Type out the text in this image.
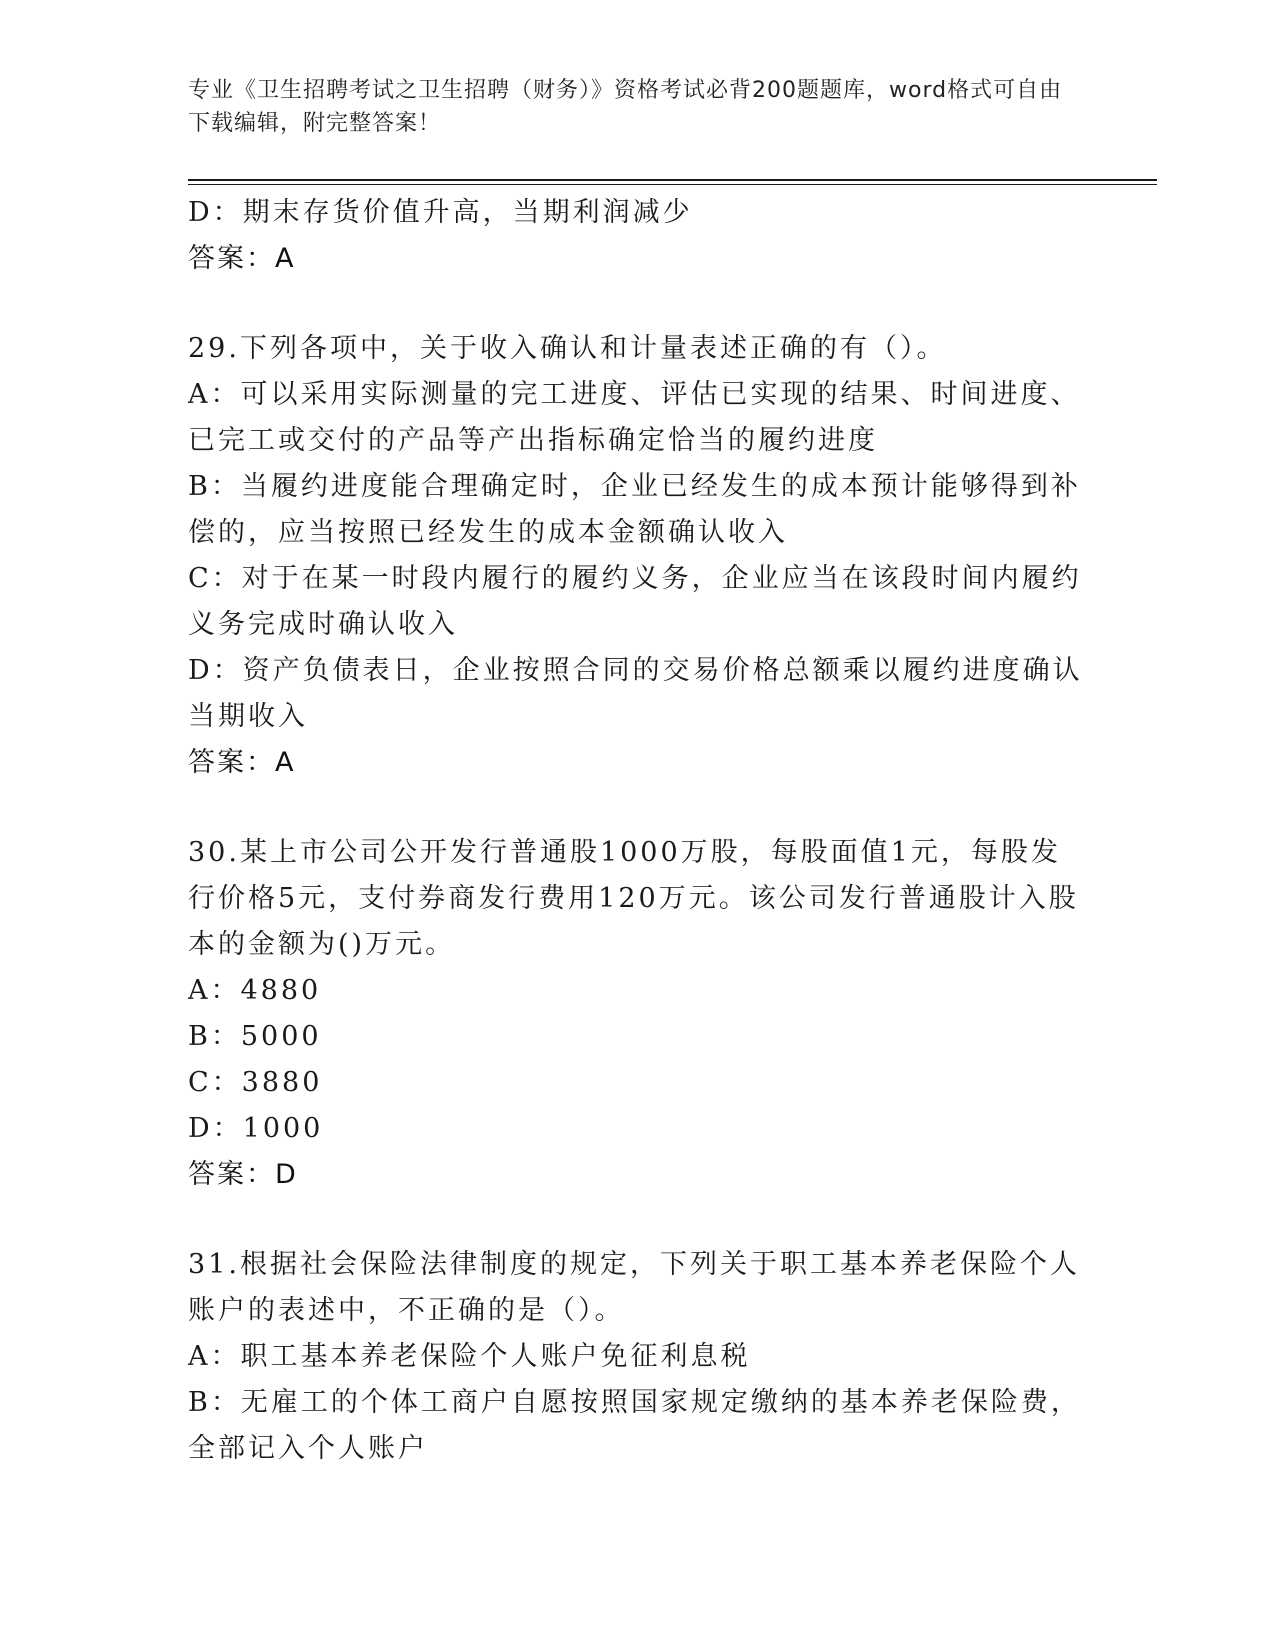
专业《卫生招聘考试之卫生招聘（财务）》资格考试必背200题题库，word格式可自由下载编辑，附完整答案！
D：期末存货价值升高，当期利润减少
答案：A
29.下列各项中，关于收入确认和计量表述正确的有（）。
A：可以采用实际测量的完工进度、评估已实现的结果、时间进度、已完工或交付的产品等产出指标确定恰当的履约进度
B：当履约进度能合理确定时，企业已经发生的成本预计能够得到补偿的，应当按照已经发生的成本金额确认收入
C：对于在某一时段内履行的履约义务，企业应当在该段时间内履约义务完成时确认收入
D：资产负债表日，企业按照合同的交易价格总额乘以履约进度确认当期收入
答案：A
30.某上市公司公开发行普通股1000万股，每股面值1元，每股发行价格5元，支付券商发行费用120万元。该公司发行普通股计入股本的金额为()万元。
A：4880
B：5000
C：3880
D：1000
答案：D
31.根据社会保险法律制度的规定，下列关于职工基本养老保险个人账户的表述中，不正确的是（）。
A：职工基本养老保险个人账户免征利息税
B：无雇工的个体工商户自愿按照国家规定缴纳的基本养老保险费，全部记入个人账户
